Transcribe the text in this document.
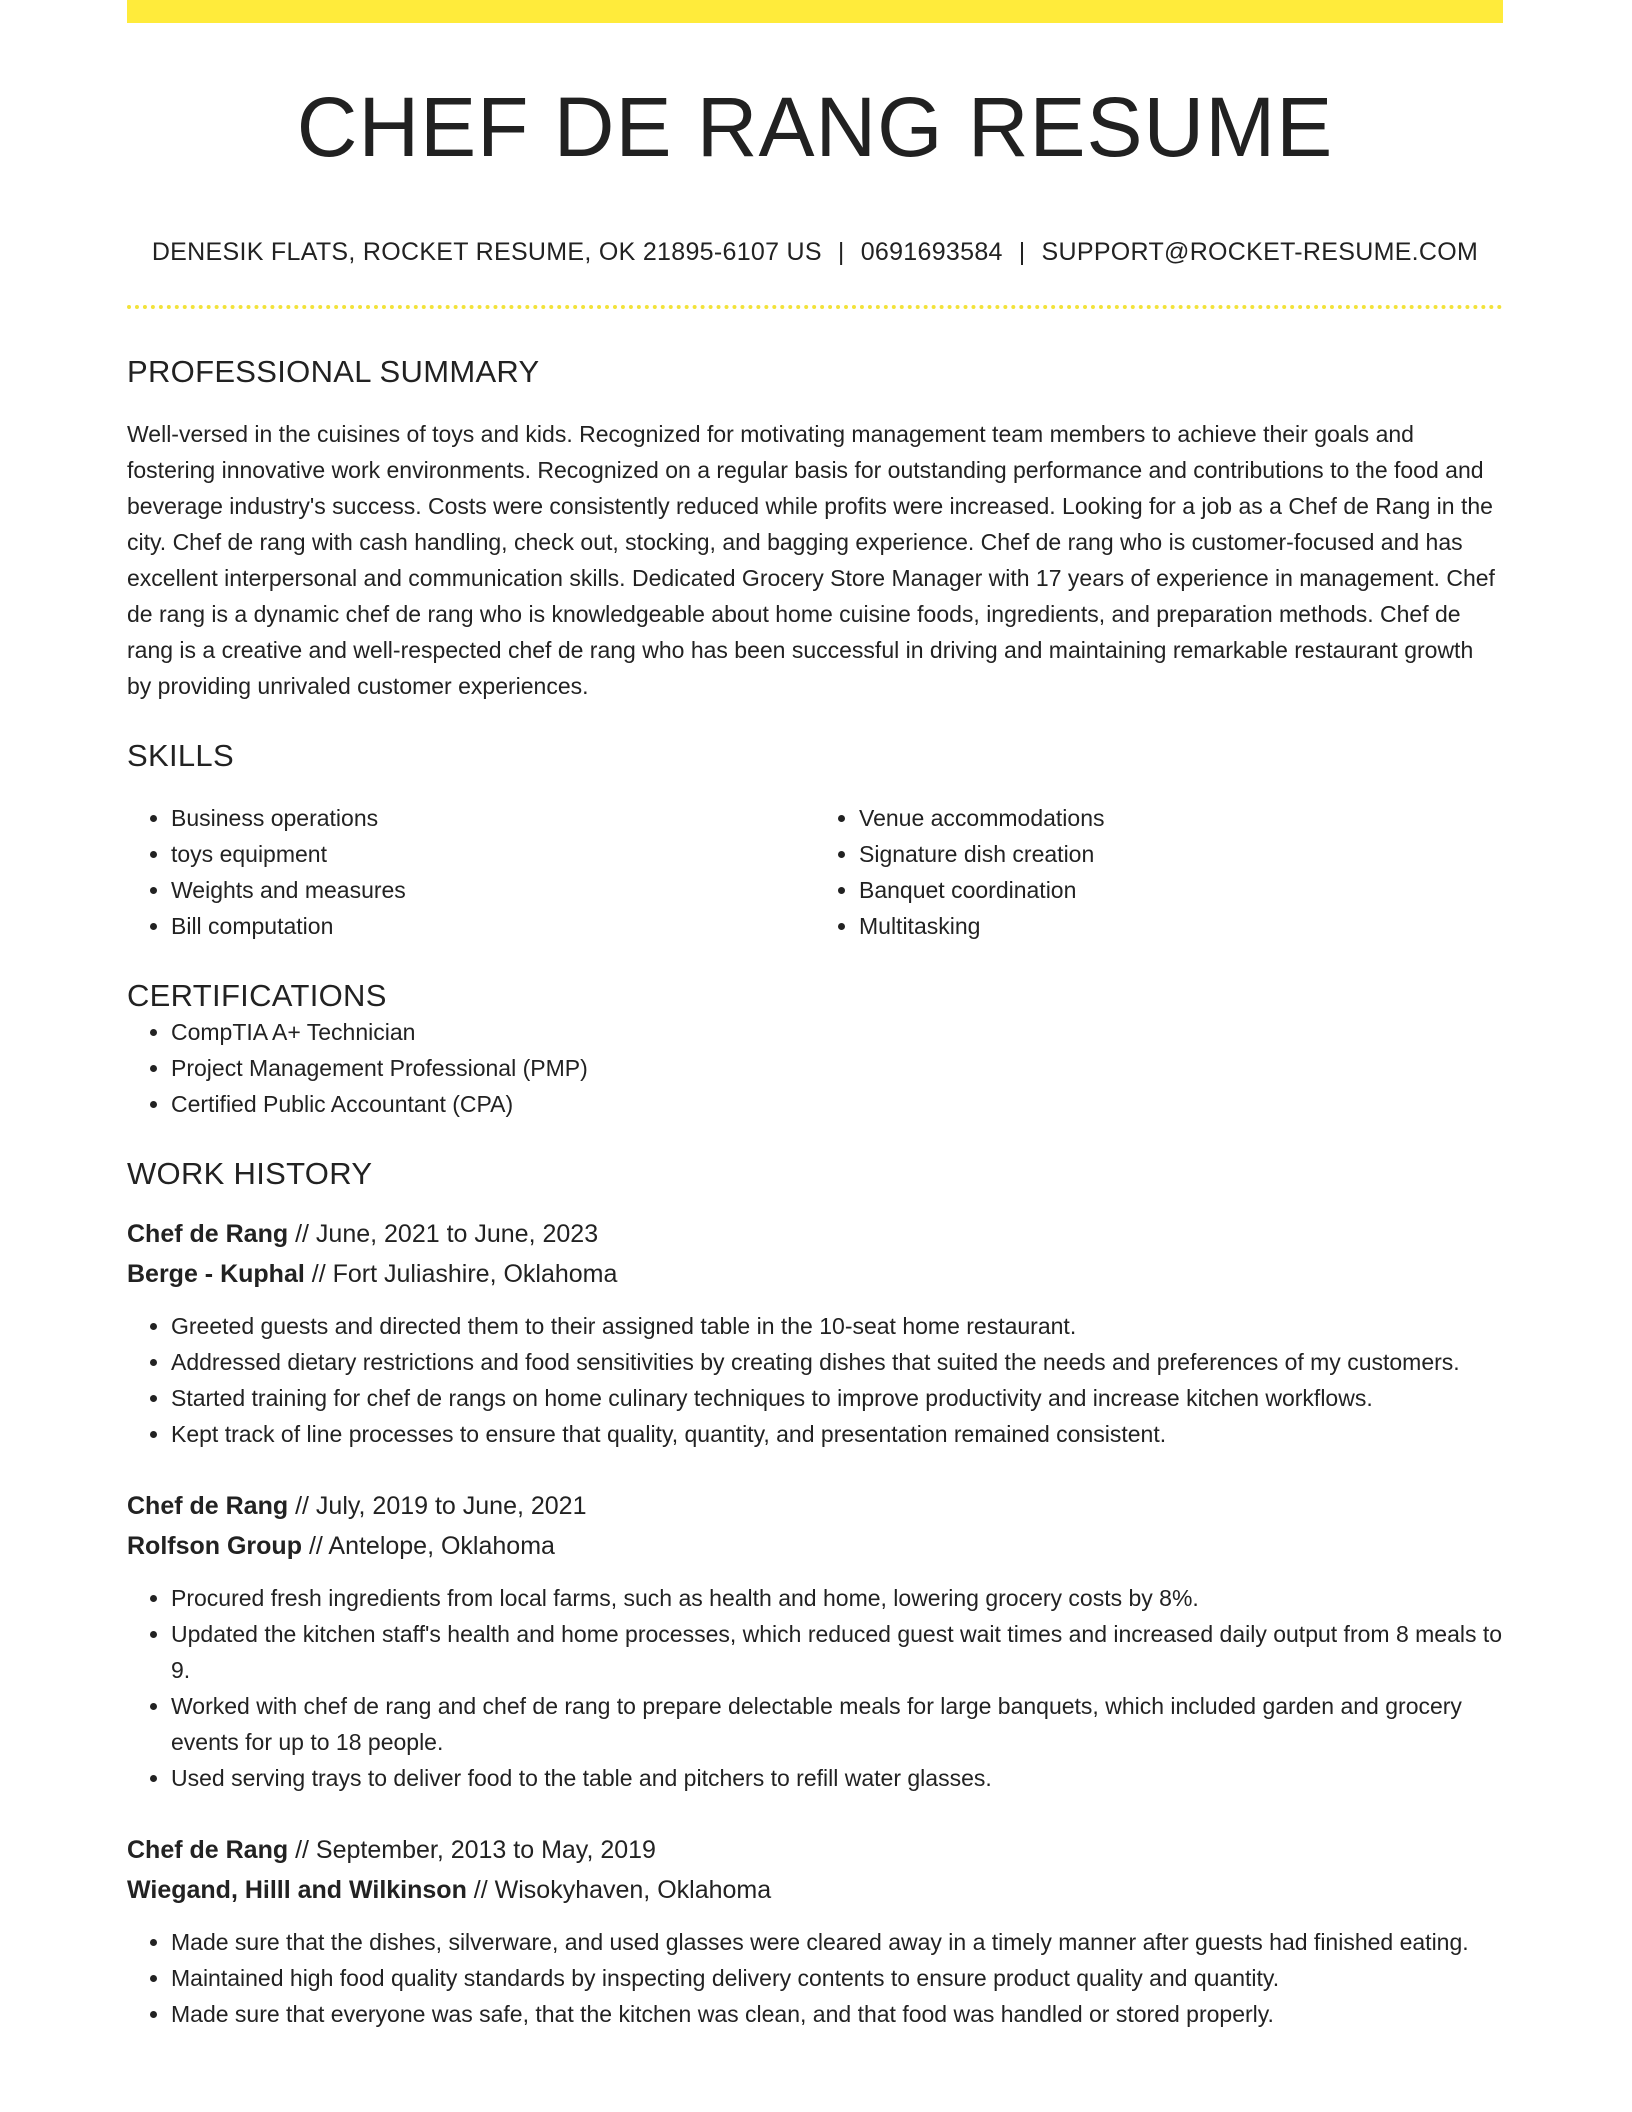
CHEF DE RANG RESUME
DENESIK FLATS, ROCKET RESUME, OK 21895-6107 US | 0691693584 | SUPPORT@ROCKET-RESUME.COM
PROFESSIONAL SUMMARY
Well-versed in the cuisines of toys and kids. Recognized for motivating management team members to achieve their goals and fostering innovative work environments. Recognized on a regular basis for outstanding performance and contributions to the food and beverage industry's success. Costs were consistently reduced while profits were increased. Looking for a job as a Chef de Rang in the city. Chef de rang with cash handling, check out, stocking, and bagging experience. Chef de rang who is customer-focused and has excellent interpersonal and communication skills. Dedicated Grocery Store Manager with 17 years of experience in management. Chef de rang is a dynamic chef de rang who is knowledgeable about home cuisine foods, ingredients, and preparation methods. Chef de rang is a creative and well-respected chef de rang who has been successful in driving and maintaining remarkable restaurant growth by providing unrivaled customer experiences.
SKILLS
• Business operations
• toys equipment
• Weights and measures
• Bill computation
• Venue accommodations
• Signature dish creation
• Banquet coordination
• Multitasking
CERTIFICATIONS
• CompTIA A+ Technician
• Project Management Professional (PMP)
• Certified Public Accountant (CPA)
WORK HISTORY
Chef de Rang // June, 2021 to June, 2023
Berge - Kuphal // Fort Juliashire, Oklahoma
• Greeted guests and directed them to their assigned table in the 10-seat home restaurant.
• Addressed dietary restrictions and food sensitivities by creating dishes that suited the needs and preferences of my customers.
• Started training for chef de rangs on home culinary techniques to improve productivity and increase kitchen workflows.
• Kept track of line processes to ensure that quality, quantity, and presentation remained consistent.
Chef de Rang // July, 2019 to June, 2021
Rolfson Group // Antelope, Oklahoma
• Procured fresh ingredients from local farms, such as health and home, lowering grocery costs by 8%.
• Updated the kitchen staff's health and home processes, which reduced guest wait times and increased daily output from 8 meals to 9.
• Worked with chef de rang and chef de rang to prepare delectable meals for large banquets, which included garden and grocery events for up to 18 people.
• Used serving trays to deliver food to the table and pitchers to refill water glasses.
Chef de Rang // September, 2013 to May, 2019
Wiegand, Hilll and Wilkinson // Wisokyhaven, Oklahoma
• Made sure that the dishes, silverware, and used glasses were cleared away in a timely manner after guests had finished eating.
• Maintained high food quality standards by inspecting delivery contents to ensure product quality and quantity.
• Made sure that everyone was safe, that the kitchen was clean, and that food was handled or stored properly.
